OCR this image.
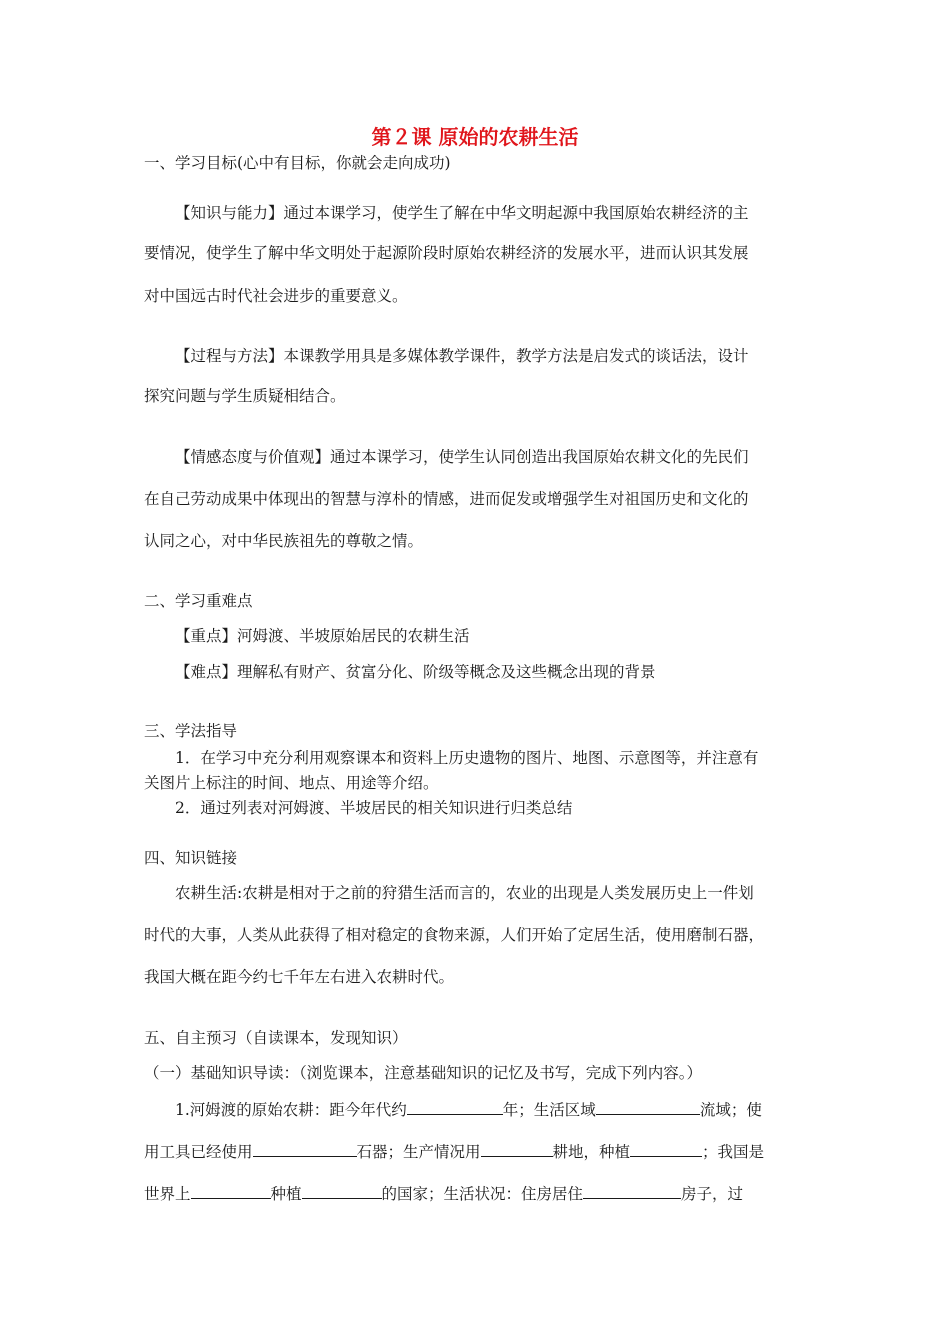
第２课 原始的农耕生活
一、学习目标(心中有目标，你就会走向成功)
【知识与能力】通过本课学习，使学生了解在中华文明起源中我国原始农耕经济的主
要情况，使学生了解中华文明处于起源阶段时原始农耕经济的发展水平，进而认识其发展
对中国远古时代社会进步的重要意义。
【过程与方法】本课教学用具是多媒体教学课件，教学方法是启发式的谈话法，设计
探究问题与学生质疑相结合。
【情感态度与价值观】通过本课学习，使学生认同创造出我国原始农耕文化的先民们
在自己劳动成果中体现出的智慧与淳朴的情感，进而促发或增强学生对祖国历史和文化的
认同之心，对中华民族祖先的尊敬之情。
二、学习重难点
【重点】河姆渡、半坡原始居民的农耕生活
【难点】理解私有财产、贫富分化、阶级等概念及这些概念出现的背景
三、学法指导
1．在学习中充分利用观察课本和资料上历史遗物的图片、地图、示意图等，并注意有
关图片上标注的时间、地点、用途等介绍。
2．通过列表对河姆渡、半坡居民的相关知识进行归类总结
四、知识链接
农耕生活:农耕是相对于之前的狩猎生活而言的，农业的出现是人类发展历史上一件划
时代的大事，人类从此获得了相对稳定的食物来源，人们开始了定居生活，使用磨制石器，
我国大概在距今约七千年左右进入农耕时代。
五、自主预习（自读课本，发现知识）
（一）基础知识导读：（浏览课本，注意基础知识的记忆及书写，完成下列内容。）
1.河姆渡的原始农耕：距今年代约	年；生活区域	流域；使
用工具已经使用	石器；生产情况用	耕地，种植	；我国是
世界上	种植	的国家；生活状况：住房居住	房子，过
